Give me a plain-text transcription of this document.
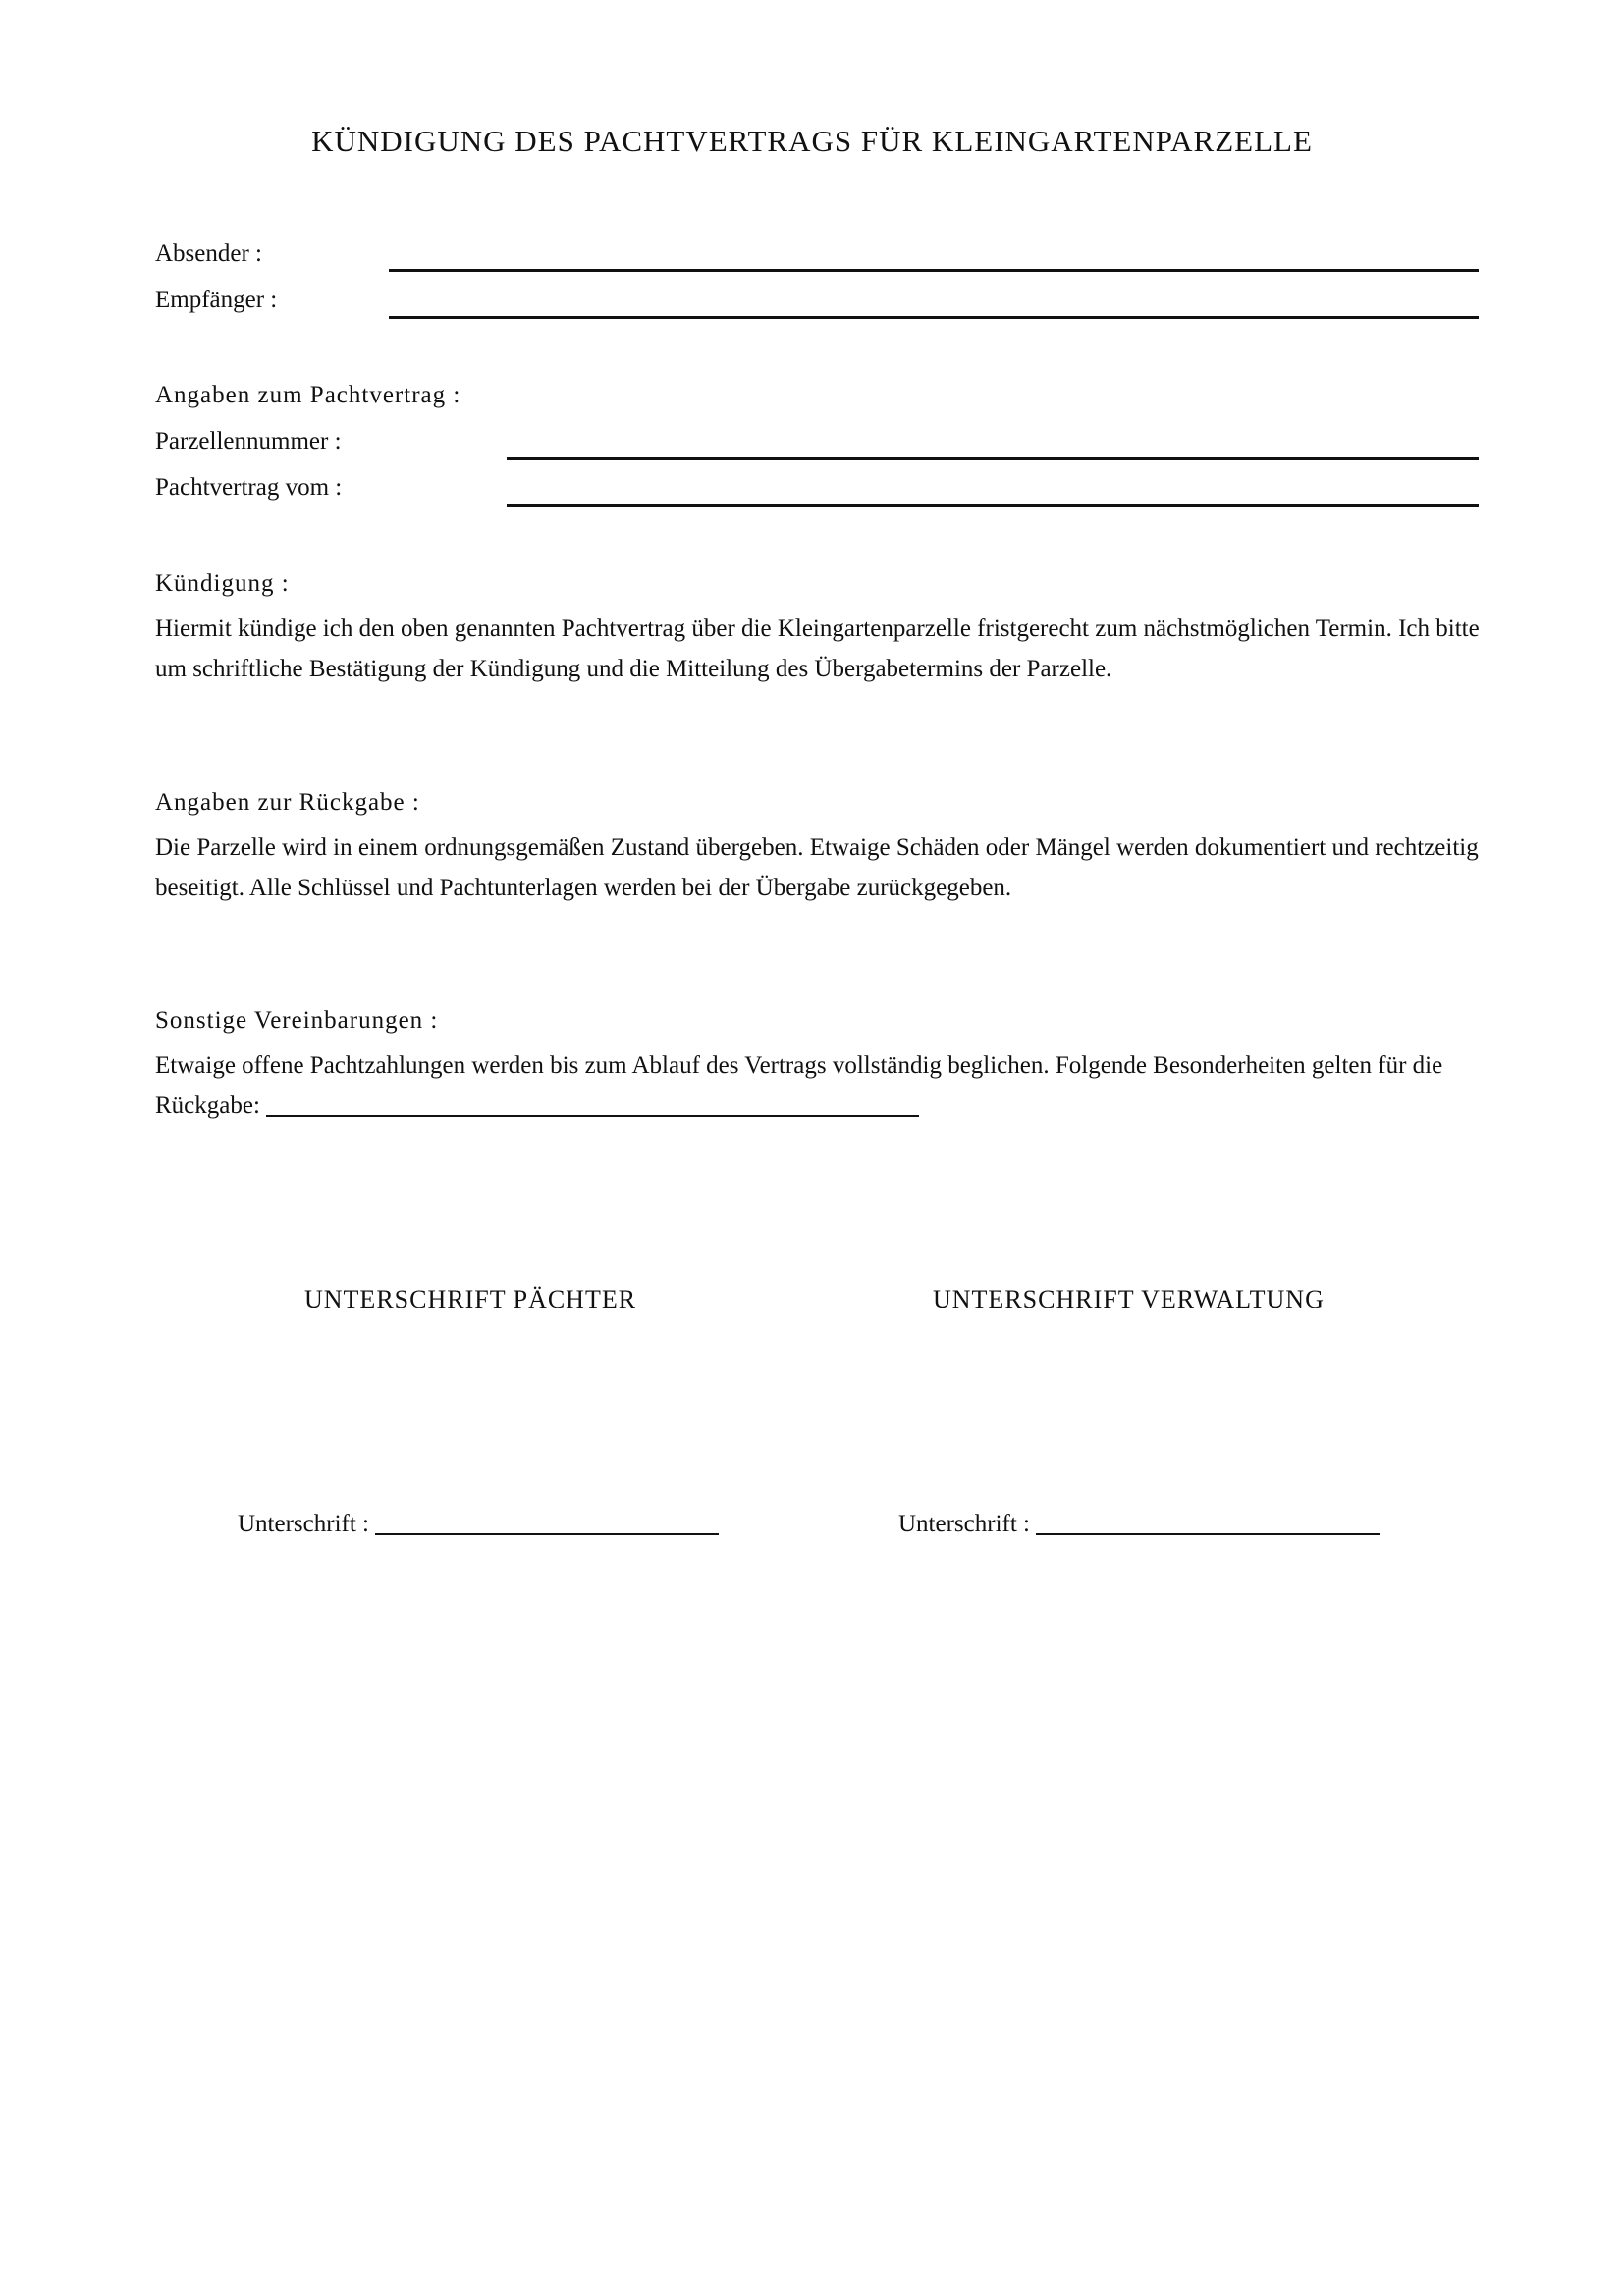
KÜNDIGUNG DES PACHTVERTRAGS FÜR KLEINGARTENPARZELLE
Absender :
Empfänger :
Angaben zum Pachtvertrag :
Parzellennummer :
Pachtvertrag vom :
Kündigung :
Hiermit kündige ich den oben genannten Pachtvertrag über die Kleingartenparzelle fristgerecht zum nächstmöglichen Termin. Ich bitte um schriftliche Bestätigung der Kündigung und die Mitteilung des Übergabetermins der Parzelle.
Angaben zur Rückgabe :
Die Parzelle wird in einem ordnungsgemäßen Zustand übergeben. Etwaige Schäden oder Mängel werden dokumentiert und rechtzeitig beseitigt. Alle Schlüssel und Pachtunterlagen werden bei der Übergabe zurückgegeben.
Sonstige Vereinbarungen :
Etwaige offene Pachtzahlungen werden bis zum Ablauf des Vertrags vollständig beglichen. Folgende Besonderheiten gelten für die Rückgabe:
UNTERSCHRIFT PÄCHTER	UNTERSCHRIFT VERWALTUNG
Unterschrift :	Unterschrift :
